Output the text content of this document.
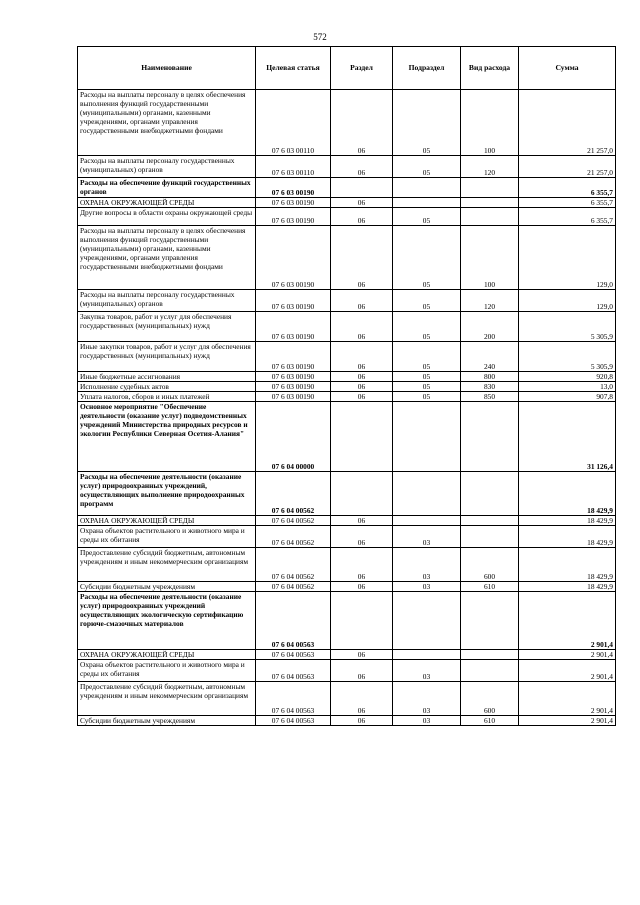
572
Наименование	Целевая статья	Раздел	Подраздел	Вид расхода	Сумма
Расходы на выплаты персоналу в целях обеспечения выполнения функций государственными (муниципальными) органами, казенными учреждениями, органами управления государственными внебюджетными фондами	07 6 03 00110	06	05	100	21 257,0
Расходы на выплаты персоналу государственных (муниципальных) органов	07 6 03 00110	06	05	120	21 257,0
Расходы на обеспечение функций государственных органов	07 6 03 00190				6 355,7
ОХРАНА ОКРУЖАЮЩЕЙ СРЕДЫ	07 6 03 00190	06			6 355,7
Другие вопросы в области охраны окружающей среды	07 6 03 00190	06	05		6 355,7
Расходы на выплаты персоналу в целях обеспечения выполнения функций государственными (муниципальными) органами, казенными учреждениями, органами управления государственными внебюджетными фондами	07 6 03 00190	06	05	100	129,0
Расходы на выплаты персоналу государственных (муниципальных) органов	07 6 03 00190	06	05	120	129,0
Закупка товаров, работ и услуг для обеспечения государственных (муниципальных) нужд	07 6 03 00190	06	05	200	5 305,9
Иные закупки товаров, работ и услуг для обеспечения государственных (муниципальных) нужд	07 6 03 00190	06	05	240	5 305,9
Иные бюджетные ассигнования	07 6 03 00190	06	05	800	920,8
Исполнение судебных актов	07 6 03 00190	06	05	830	13,0
Уплата налогов, сборов и иных платежей	07 6 03 00190	06	05	850	907,8
Основное мероприятие "Обеспечение деятельности (оказание услуг) подведомственных учреждений Министерства природных ресурсов и экологии Республики Северная Осетия-Алания"	07 6 04 00000				31 126,4
Расходы на обеспечение деятельности (оказание услуг) природоохранных учреждений, осуществляющих выполнение природоохранных программ	07 6 04 00562				18 429,9
ОХРАНА ОКРУЖАЮЩЕЙ СРЕДЫ	07 6 04 00562	06			18 429,9
Охрана объектов растительного и животного мира и среды их обитания	07 6 04 00562	06	03		18 429,9
Предоставление субсидий бюджетным, автономным учреждениям и иным некоммерческим организациям	07 6 04 00562	06	03	600	18 429,9
Субсидии бюджетным учреждениям	07 6 04 00562	06	03	610	18 429,9
Расходы на обеспечение деятельности (оказание услуг) природоохранных учреждений осуществляющих экологическую сертификацию горюче-смазочных материалов	07 6 04 00563				2 901,4
ОХРАНА ОКРУЖАЮЩЕЙ СРЕДЫ	07 6 04 00563	06			2 901,4
Охрана объектов растительного и животного мира и среды их обитания	07 6 04 00563	06	03		2 901,4
Предоставление субсидий бюджетным, автономным учреждениям и иным некоммерческим организациям	07 6 04 00563	06	03	600	2 901,4
Субсидии бюджетным учреждениям	07 6 04 00563	06	03	610	2 901,4
